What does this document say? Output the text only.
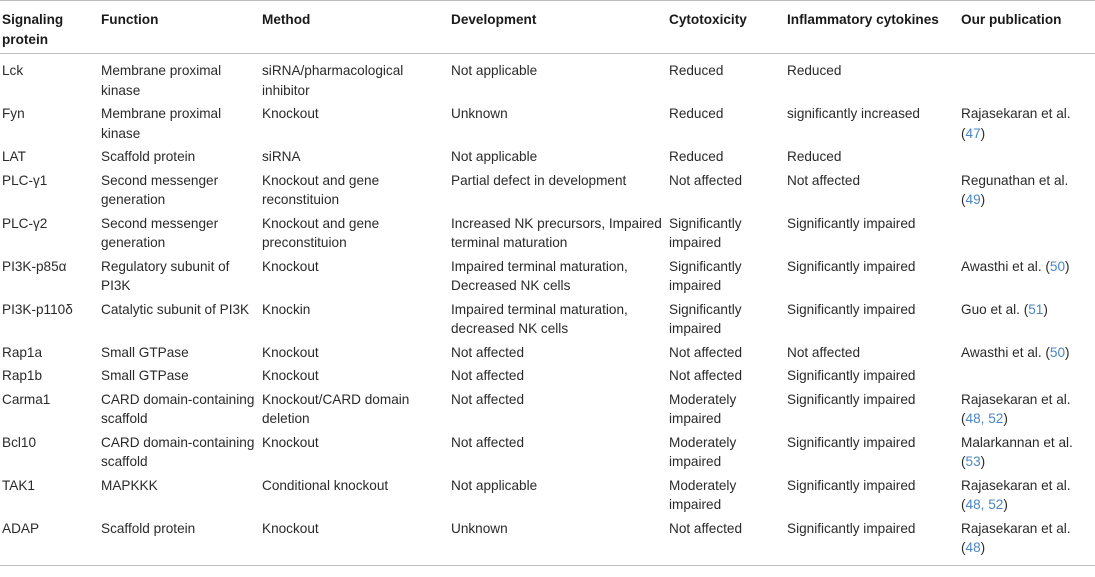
Signaling protein	Function	Method	Development	Cytotoxicity	Inflammatory cytokines	Our publication
Lck	Membrane proximal kinase	siRNA/pharmacological inhibitor	Not applicable	Reduced	Reduced	
Fyn	Membrane proximal kinase	Knockout	Unknown	Reduced	significantly increased	Rajasekaran et al. (47)
LAT	Scaffold protein	siRNA	Not applicable	Reduced	Reduced	
PLC-γ1	Second messenger generation	Knockout and gene reconstituion	Partial defect in development	Not affected	Not affected	Regunathan et al. (49)
PLC-γ2	Second messenger generation	Knockout and gene preconstituion	Increased NK precursors, Impaired terminal maturation	Significantly impaired	Significantly impaired	
PI3K-p85α	Regulatory subunit of PI3K	Knockout	Impaired terminal maturation, Decreased NK cells	Significantly impaired	Significantly impaired	Awasthi et al. (50)
PI3K-p110δ	Catalytic subunit of PI3K	Knockin	Impaired terminal maturation, decreased NK cells	Significantly impaired	Significantly impaired	Guo et al. (51)
Rap1a	Small GTPase	Knockout	Not affected	Not affected	Not affected	Awasthi et al. (50)
Rap1b	Small GTPase	Knockout	Not affected	Not affected	Significantly impaired	
Carma1	CARD domain-containing scaffold	Knockout/CARD domain deletion	Not affected	Moderately impaired	Significantly impaired	Rajasekaran et al. (48, 52)
Bcl10	CARD domain-containing scaffold	Knockout	Not affected	Moderately impaired	Significantly impaired	Malarkannan et al. (53)
TAK1	MAPKKK	Conditional knockout	Not applicable	Moderately impaired	Significantly impaired	Rajasekaran et al. (48, 52)
ADAP	Scaffold protein	Knockout	Unknown	Not affected	Significantly impaired	Rajasekaran et al. (48)
